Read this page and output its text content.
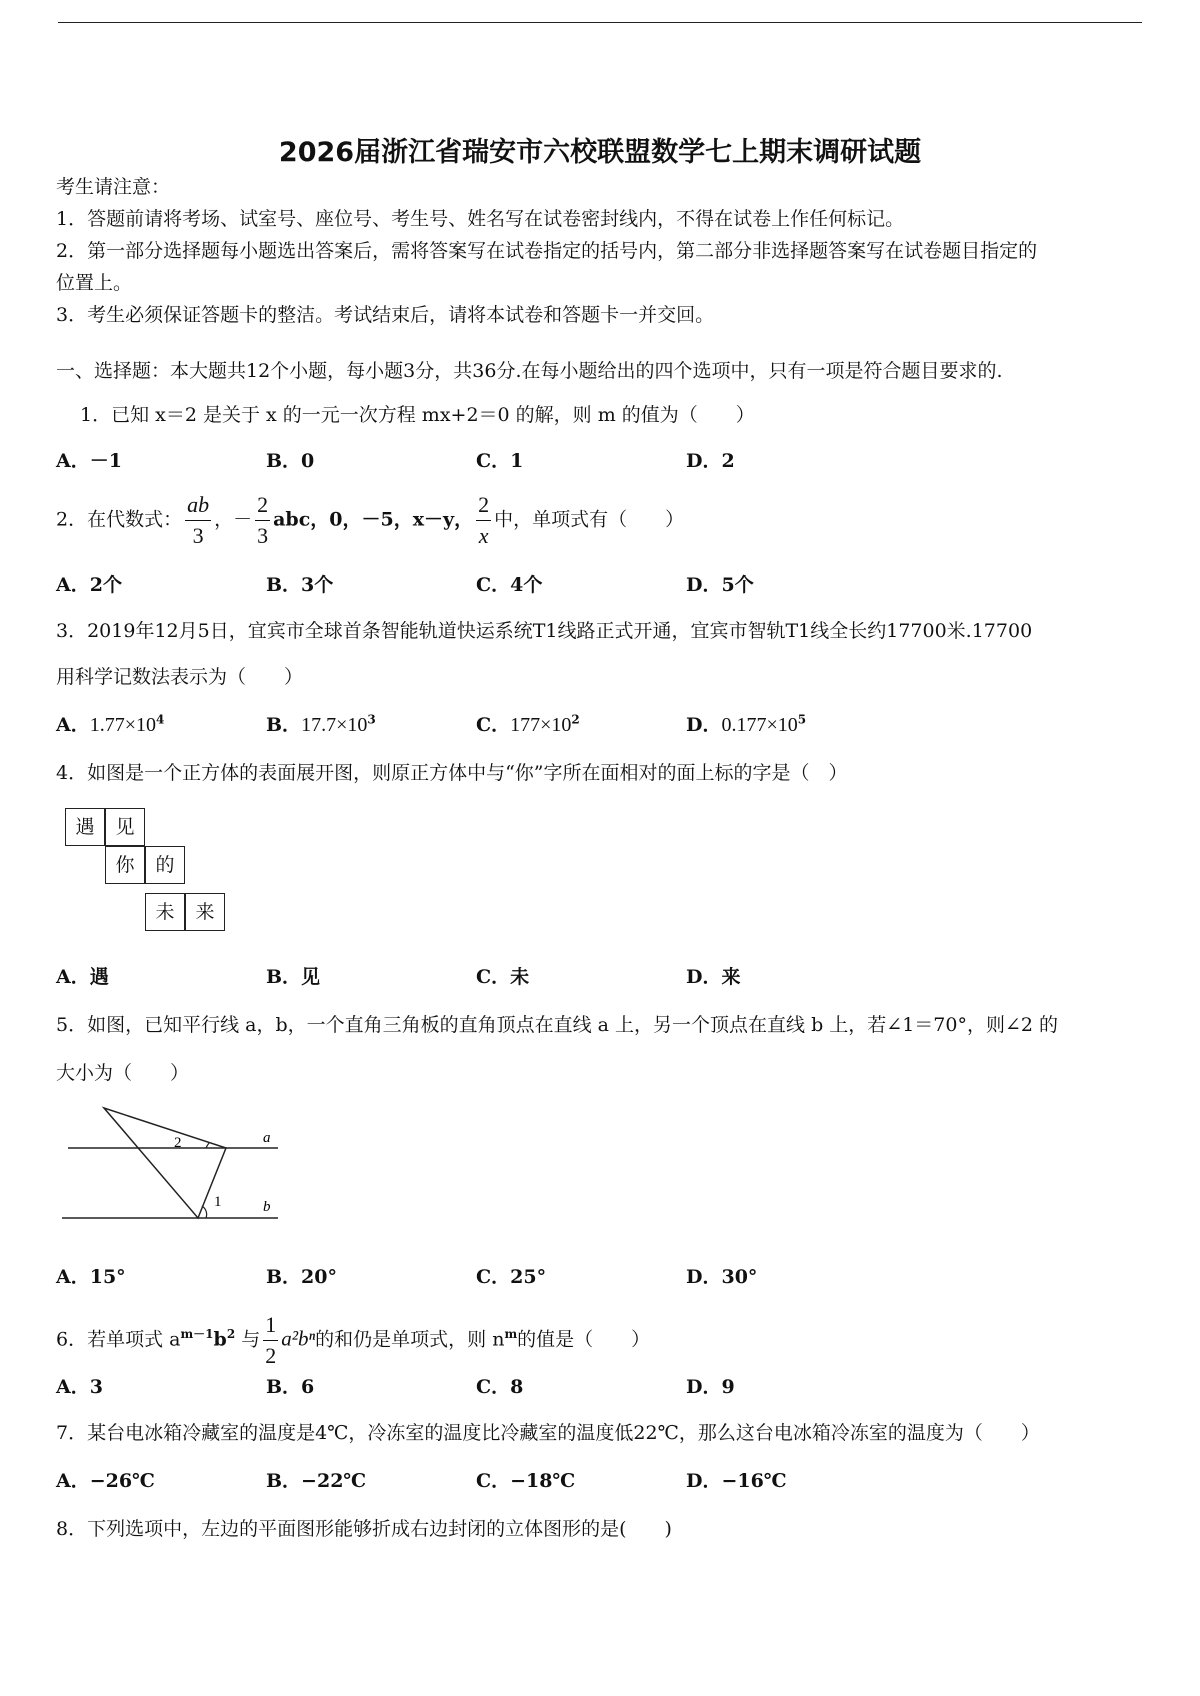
2026届浙江省瑞安市六校联盟数学七上期末调研试题
考生请注意：
1．答题前请将考场、试室号、座位号、考生号、姓名写在试卷密封线内，不得在试卷上作任何标记。
2．第一部分选择题每小题选出答案后，需将答案写在试卷指定的括号内，第二部分非选择题答案写在试卷题目指定的
位置上。
3．考生必须保证答题卡的整洁。考试结束后，请将本试卷和答题卡一并交回。
一、选择题：本大题共12个小题，每小题3分，共36分.在每小题给出的四个选项中，只有一项是符合题目要求的.
1．已知 x＝2 是关于 x 的一元一次方程 mx+2＝0 的解，则 m 的值为（　　）
A．－1	B．0	C．1	D．2
2．在代数式： $\frac{ab}{3}$ ，－ $\frac{2}{3}$ abc，0，－5，x－y， $\frac{2}{x}$ 中，单项式有（　　）
A．2个	B．3个	C．4个	D．5个
3．2019年12月5日，宜宾市全球首条智能轨道快运系统T1线路正式开通，宜宾市智轨T1线全长约17700米.17700
用科学记数法表示为（　　）
A．$1.77\times 10^4$	B．$17.7\times 10^3$	C．$177\times 10^2$	D．$0.177\times 10^5$
4．如图是一个正方体的表面展开图，则原正方体中与“你”字所在面相对的面上标的字是（　）
遇	见
你	的
未	来
A．遇	B．见	C．未	D．来
5．如图，已知平行线 a，b，一个直角三角板的直角顶点在直线 a 上，另一个顶点在直线 b 上，若∠1＝70°，则∠2 的
大小为（　　）
a
b
1
2
A．15°	B．20°	C．25°	D．30°
6．若单项式 $a^{m-1}b^2$ 与 $\frac{1}{2} a^2b^n$的和仍是单项式，则 $n^m$的值是（　　）
A．3	B．6	C．8	D．9
7．某台电冰箱冷藏室的温度是4℃，冷冻室的温度比冷藏室的温度低22℃，那么这台电冰箱冷冻室的温度为（　　）
A．−26℃	B．−22℃	C．−18℃	D．−16℃
8．下列选项中，左边的平面图形能够折成右边封闭的立体图形的是(　　)
